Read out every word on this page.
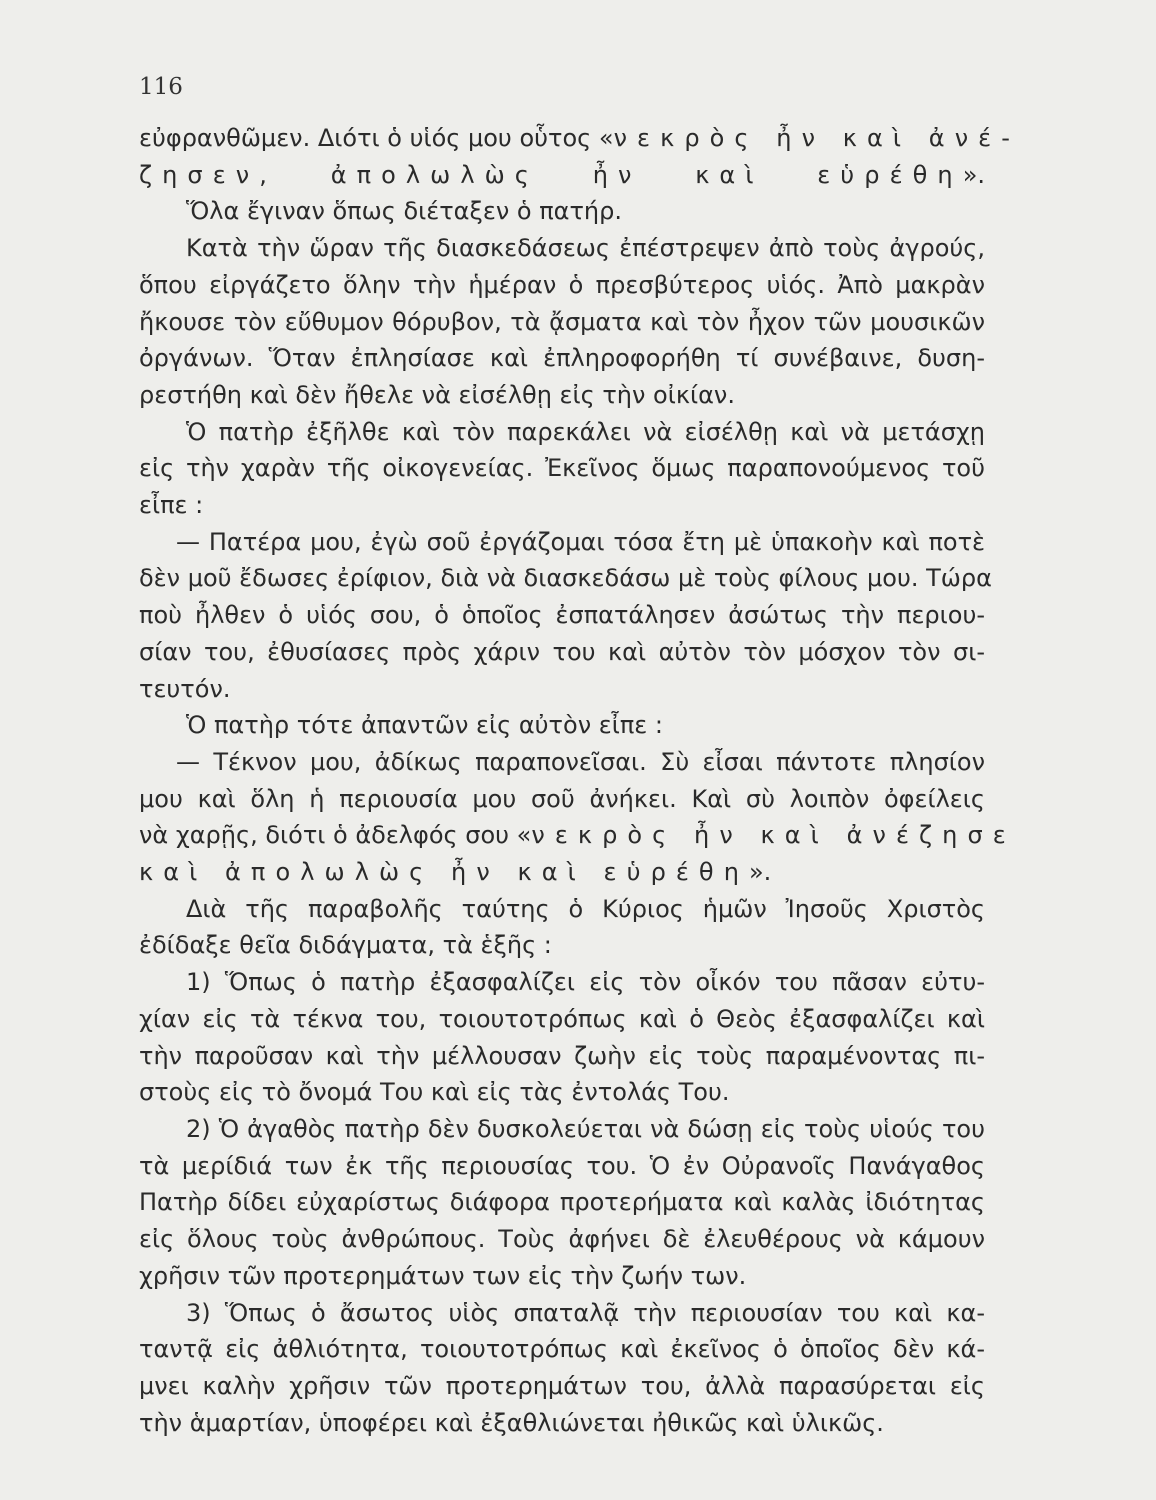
116
εὐφρανθῶμεν. Διότι ὁ υἱός μου οὗτος «νεκρὸς ἦν καὶ ἀνέ-
ζησεν, ἀπολωλὼς ἦν καὶ εὑρέθη».
Ὅλα ἔγιναν ὅπως διέταξεν ὁ πατήρ.
Κατὰ τὴν ὥραν τῆς διασκεδάσεως ἐπέστρεψεν ἀπὸ τοὺς ἀγρούς,
ὅπου εἰργάζετο ὅλην τὴν ἡμέραν ὁ πρεσβύτερος υἱός. Ἀπὸ μακρὰν
ἤκουσε τὸν εὔθυμον θόρυβον, τὰ ᾄσματα καὶ τὸν ἦχον τῶν μουσικῶν
ὀργάνων. Ὅταν ἐπλησίασε καὶ ἐπληροφορήθη τί συνέβαινε, δυση-
ρεστήθη καὶ δὲν ἤθελε νὰ εἰσέλθῃ εἰς τὴν οἰκίαν.
Ὁ πατὴρ ἐξῆλθε καὶ τὸν παρεκάλει νὰ εἰσέλθῃ καὶ νὰ μετάσχῃ
εἰς τὴν χαρὰν τῆς οἰκογενείας. Ἐκεῖνος ὅμως παραπονούμενος τοῦ
εἶπε :
— Πατέρα μου, ἐγὼ σοῦ ἐργάζομαι τόσα ἔτη μὲ ὑπακοὴν καὶ ποτὲ
δὲν μοῦ ἔδωσες ἐρίφιον, διὰ νὰ διασκεδάσω μὲ τοὺς φίλους μου. Τώρα
ποὺ ἦλθεν ὁ υἱός σου, ὁ ὁποῖος ἐσπατάλησεν ἀσώτως τὴν περιου-
σίαν του, ἐθυσίασες πρὸς χάριν του καὶ αὐτὸν τὸν μόσχον τὸν σι-
τευτόν.
Ὁ πατὴρ τότε ἀπαντῶν εἰς αὐτὸν εἶπε :
— Τέκνον μου, ἀδίκως παραπονεῖσαι. Σὺ εἶσαι πάντοτε πλησίον
μου καὶ ὅλη ἡ περιουσία μου σοῦ ἀνήκει. Καὶ σὺ λοιπὸν ὀφείλεις
νὰ χαρῇς, διότι ὁ ἀδελφός σου «νεκρὸς ἦν καὶ ἀνέζησε
καὶ ἀπολωλὼς ἦν καὶ εὑρέθη».
Διὰ τῆς παραβολῆς ταύτης ὁ Κύριος ἡμῶν Ἰησοῦς Χριστὸς
ἐδίδαξε θεῖα διδάγματα, τὰ ἑξῆς :
1) Ὅπως ὁ πατὴρ ἐξασφαλίζει εἰς τὸν οἶκόν του πᾶσαν εὐτυ-
χίαν εἰς τὰ τέκνα του, τοιουτοτρόπως καὶ ὁ Θεὸς ἐξασφαλίζει καὶ
τὴν παροῦσαν καὶ τὴν μέλλουσαν ζωὴν εἰς τοὺς παραμένοντας πι-
στοὺς εἰς τὸ ὄνομά Του καὶ εἰς τὰς ἐντολάς Του.
2) Ὁ ἀγαθὸς πατὴρ δὲν δυσκολεύεται νὰ δώσῃ εἰς τοὺς υἱούς του
τὰ μερίδιά των ἐκ τῆς περιουσίας του. Ὁ ἐν Οὐρανοῖς Πανάγαθος
Πατὴρ δίδει εὐχαρίστως διάφορα προτερήματα καὶ καλὰς ἰδιότητας
εἰς ὅλους τοὺς ἀνθρώπους. Τοὺς ἀφήνει δὲ ἐλευθέρους νὰ κάμουν
χρῆσιν τῶν προτερημάτων των εἰς τὴν ζωήν των.
3) Ὅπως ὁ ἄσωτος υἱὸς σπαταλᾷ τὴν περιουσίαν του καὶ κα-
ταντᾷ εἰς ἀθλιότητα, τοιουτοτρόπως καὶ ἐκεῖνος ὁ ὁποῖος δὲν κά-
μνει καλὴν χρῆσιν τῶν προτερημάτων του, ἀλλὰ παρασύρεται εἰς
τὴν ἁμαρτίαν, ὑποφέρει καὶ ἐξαθλιώνεται ἠθικῶς καὶ ὑλικῶς.
